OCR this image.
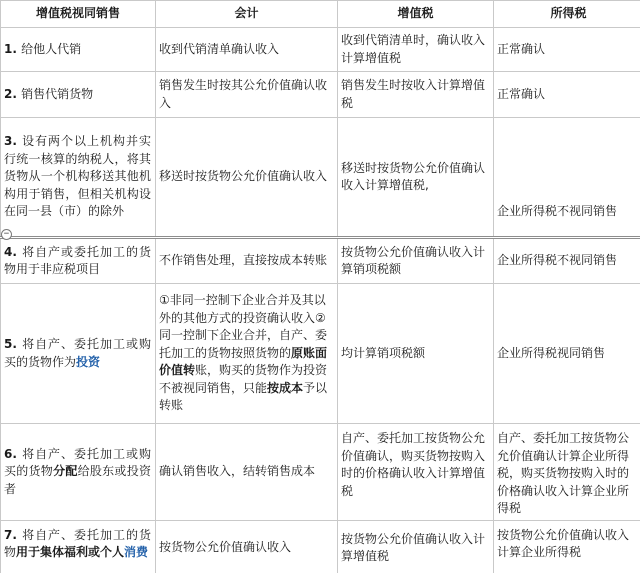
增值税视同销售	会计	增值税	所得税
1. 给他人代销	收到代销清单确认收入	收到代销清单时，确认收入计算增值税	正常确认
2. 销售代销货物	销售发生时按其公允价值确认收入	销售发生时按收入计算增值税	正常确认
3. 设有两个以上机构并实行统一核算的纳税人，将其货物从一个机构移送其他机构用于销售，但相关机构设在同一县（市）的除外	移送时按货物公允价值确认收入	移送时按货物公允价值确认收入计算增值税,	企业所得税不视同销售
4. 将自产或委托加工的货物用于非应税项目	不作销售处理，直接按成本转账	按货物公允价值确认收入计算销项税额	企业所得税不视同销售
5. 将自产、委托加工或购买的货物作为投资	①非同一控制下企业合并及其以外的其他方式的投资确认收入②同一控制下企业合并，自产、委托加工的货物按照货物的原账面价值转账，购买的货物作为投资不被视同销售，只能按成本予以转账	均计算销项税额	企业所得税视同销售
6. 将自产、委托加工或购买的货物分配给股东或投资者	确认销售收入，结转销售成本	自产、委托加工按货物公允价值确认，购买货物按购入时的价格确认收入计算增值税	自产、委托加工按货物公允价值确认计算企业所得税，购买货物按购入时的价格确认收入计算企业所得税
7. 将自产、委托加工的货物用于集体福利或个人消费	按货物公允价值确认收入	按货物公允价值确认收入计算增值税	按货物公允价值确认收入计算企业所得税
−
